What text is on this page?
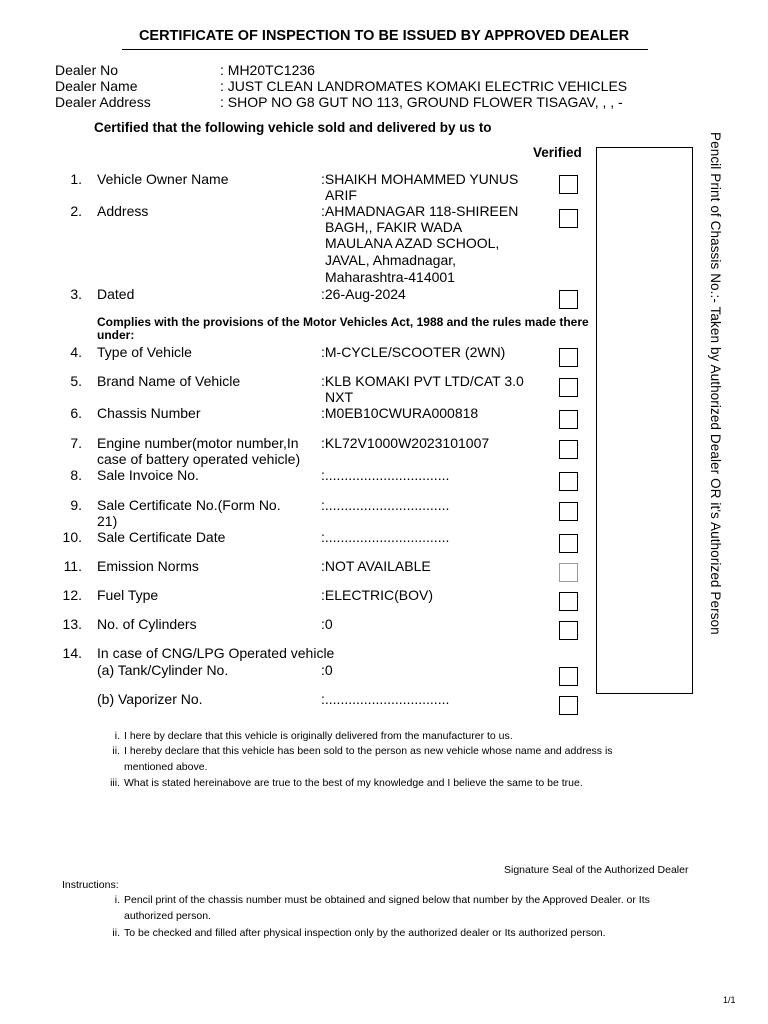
CERTIFICATE OF INSPECTION TO BE ISSUED BY APPROVED DEALER
Dealer No	: MH20TC1236
Dealer Name	: JUST CLEAN LANDROMATES KOMAKI ELECTRIC VEHICLES
Dealer Address	: SHOP NO G8 GUT NO 113, GROUND FLOWER TISAGAV, , , -
Certified that the following vehicle sold and delivered by us to
Verified	Pencil Print of Chassis No.:- Taken by Authorized Dealer OR it's Authorized Person
1. Vehicle Owner Name	:SHAIKH MOHAMMED YUNUS
ARIF
2. Address	:AHMADNAGAR 118-SHIREEN
BAGH,, FAKIR WADA
MAULANA AZAD SCHOOL,
JAVAL, Ahmadnagar,
Maharashtra-414001
3. Dated	:26-Aug-2024
Complies with the provisions of the Motor Vehicles Act, 1988 and the rules made there under:
4. Type of Vehicle	:M-CYCLE/SCOOTER (2WN)
5. Brand Name of Vehicle	:KLB KOMAKI PVT LTD/CAT 3.0
NXT
6. Chassis Number	:M0EB10CWURA000818
7. Engine number(motor number,In
case of battery operated vehicle)
:KL72V1000W2023101007
8. Sale Invoice No.	:................................
9. Sale Certificate No.(Form No.
21)
:................................
10. Sale Certificate Date	:................................
11. Emission Norms	:NOT AVAILABLE
12. Fuel Type	:ELECTRIC(BOV)
13. No. of Cylinders	:0
14. In case of CNG/LPG Operated vehicle
(a) Tank/Cylinder No.	:0
(b) Vaporizer No.	:................................
i. I here by declare that this vehicle is originally delivered from the manufacturer to us.
ii. I hereby declare that this vehicle has been sold to the person as new vehicle whose name and address is
mentioned above.
iii. What is stated hereinabove are true to the best of my knowledge and I believe the same to be true.
Signature Seal of the Authorized Dealer
Instructions:
i. Pencil print of the chassis number must be obtained and signed below that number by the Approved Dealer. or Its
authorized person.
ii. To be checked and filled after physical inspection only by the authorized dealer or Its authorized person.
1/1
